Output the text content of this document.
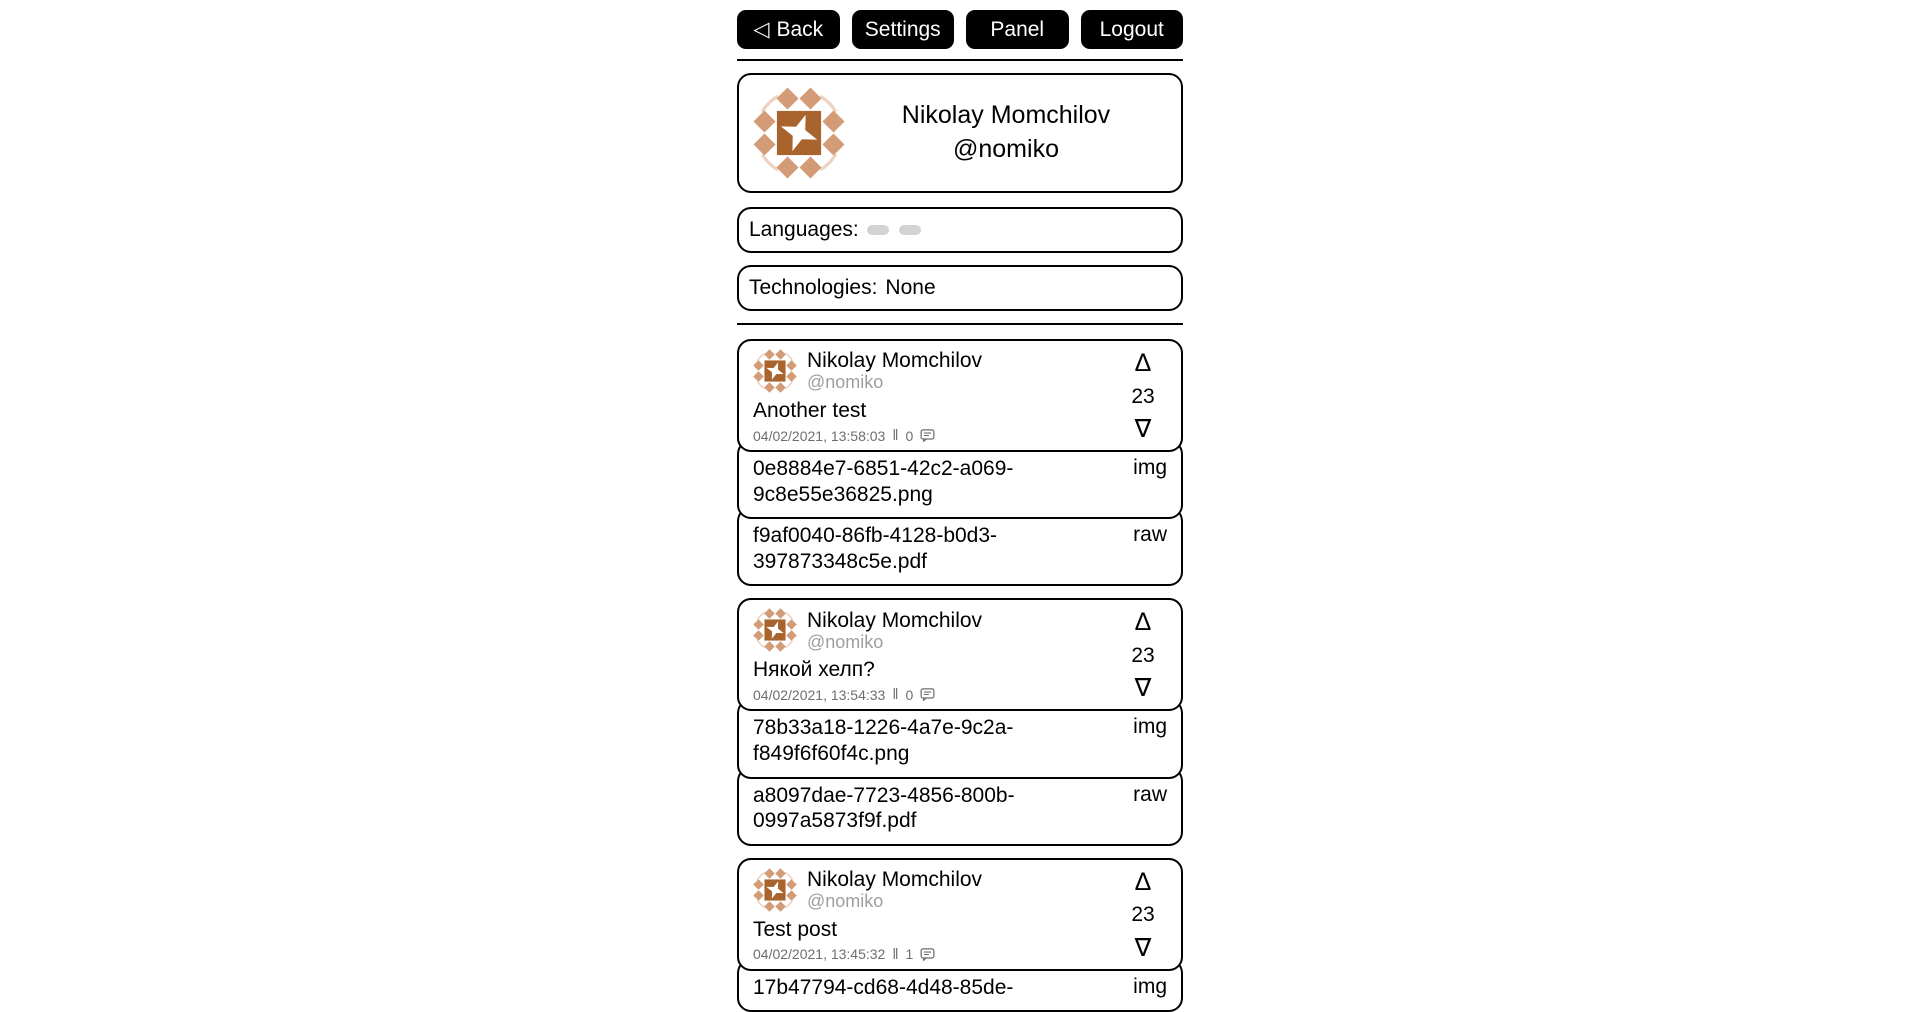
◁ Back	Settings	Panel	Logout
Nikolay Momchilov
@nomiko
Languages:
Technologies: None
Nikolay Momchilov
@nomiko
Another test
04/02/2021, 13:58:03 ‖ 0
Δ
23
∇
0e8884e7-6851-42c2-a069-9c8e55e36825.png
img
f9af0040-86fb-4128-b0d3-397873348c5e.pdf
raw
Nikolay Momchilov
@nomiko
Някой хелп?
04/02/2021, 13:54:33 ‖ 0
Δ
23
∇
78b33a18-1226-4a7e-9c2a-f849f6f60f4c.png
img
a8097dae-7723-4856-800b-0997a5873f9f.pdf
raw
Nikolay Momchilov
@nomiko
Test post
04/02/2021, 13:45:32 ‖ 1
Δ
23
∇
17b47794-cd68-4d48-85de-	img
